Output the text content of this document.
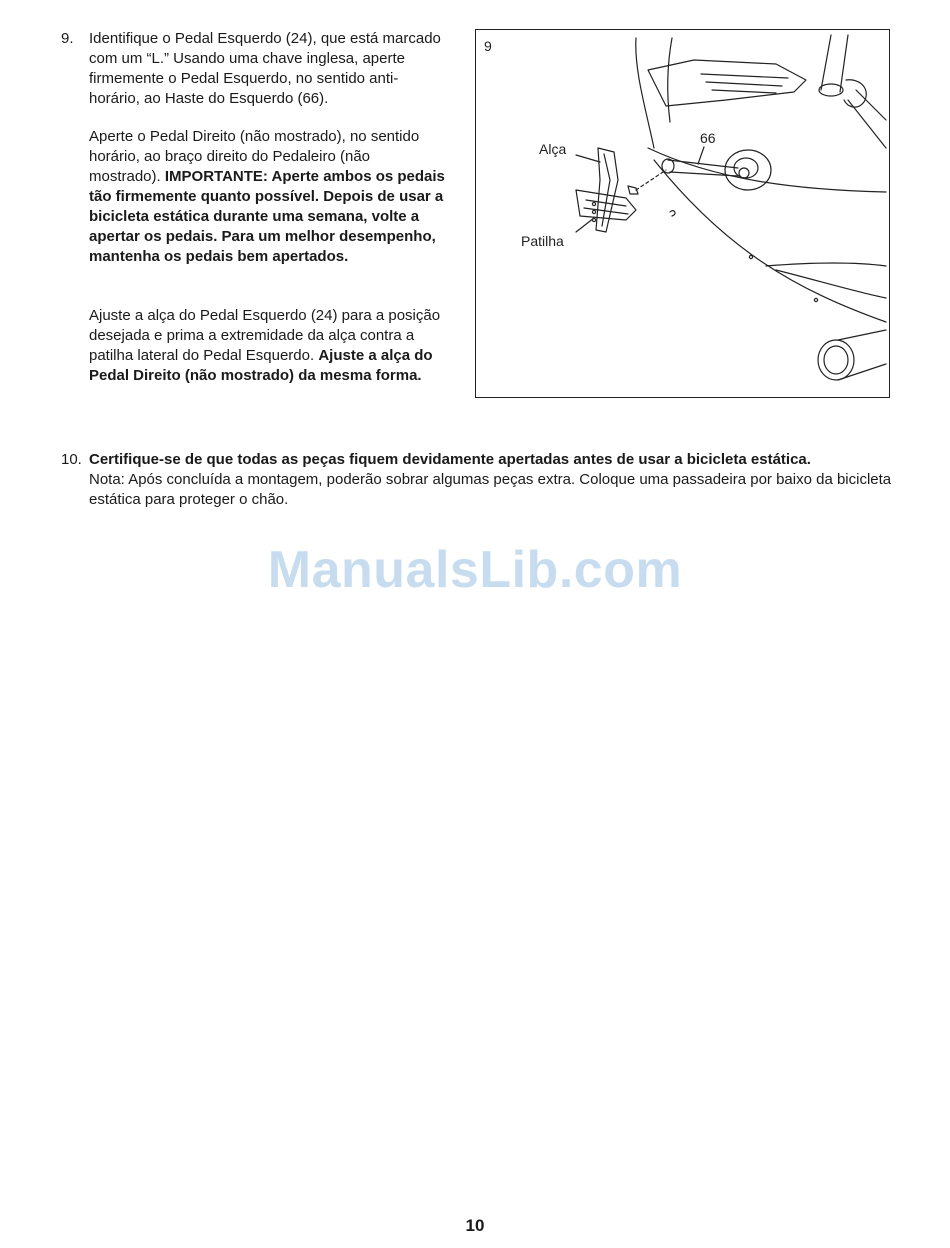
9. Identifique o Pedal Esquerdo (24), que está marcado com um “L.” Usando uma chave inglesa, aperte firmemente o Pedal Esquerdo, no sentido anti-horário, ao Haste do Esquerdo (66).

Aperte o Pedal Direito (não mostrado), no sentido horário, ao braço direito do Pedaleiro (não mostrado). IMPORTANTE: Aperte ambos os pedais tão firmemente quanto possível. Depois de usar a bicicleta estática durante uma semana, volte a apertar os pedais. Para um melhor desempenho, mantenha os pedais bem apertados.

Ajuste a alça do Pedal Esquerdo (24) para a posição desejada e prima a extremidade da alça contra a patilha lateral do Pedal Esquerdo. Ajuste a alça do Pedal Direito (não mostrado) da mesma forma.

9
Alça
Patilha
66
10. Certifique-se de que todas as peças fiquem devidamente apertadas antes de usar a bicicleta estática.
Nota: Após concluída a montagem, poderão sobrar algumas peças extra. Coloque uma passadeira por baixo da bicicleta estática para proteger o chão.

ManualsLib.com
10
